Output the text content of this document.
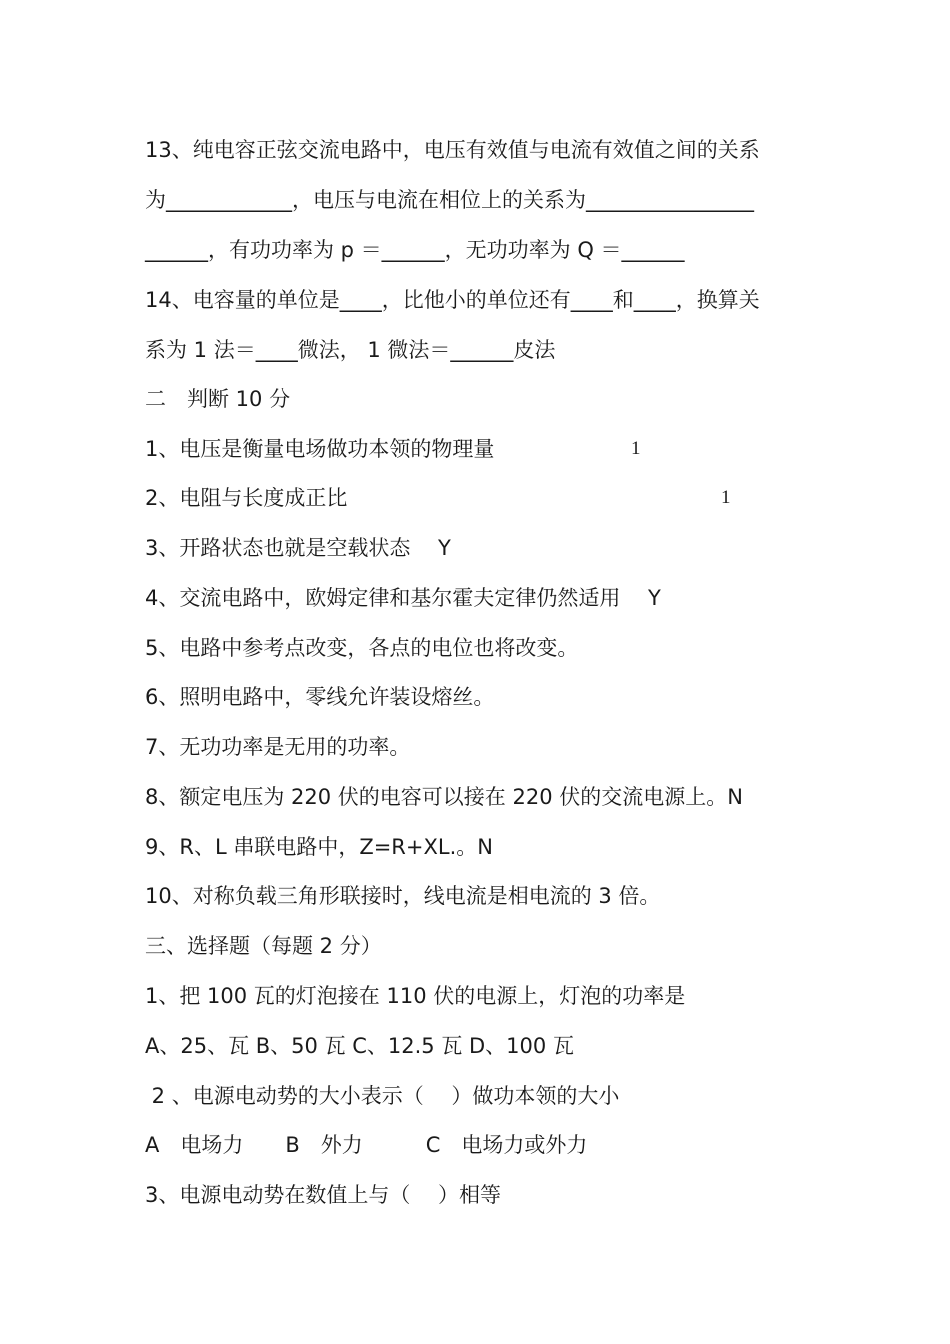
13、纯电容正弦交流电路中，电压有效值与电流有效值之间的关系
为____________，电压与电流在相位上的关系为________________
______，有功功率为 p ＝______，无功功率为 Q ＝______
14、电容量的单位是____，比他小的单位还有____和____，换算关
系为 1 法＝____微法， 1 微法＝______皮法
二　判断 10 分
1、电压是衡量电场做功本领的物理量	1
2、电阻与长度成正比	1
3、开路状态也就是空载状态　 Y
4、交流电路中，欧姆定律和基尔霍夫定律仍然适用　 Y
5、电路中参考点改变，各点的电位也将改变。
6、照明电路中，零线允许装设熔丝。
7、无功功率是无用的功率。
8、额定电压为 220 伏的电容可以接在 220 伏的交流电源上。N
9、R、L 串联电路中，Z=R+XL.。N
10、对称负载三角形联接时，线电流是相电流的 3 倍。
三、选择题（每题 2 分）
1、把 100 瓦的灯泡接在 110 伏的电源上，灯泡的功率是
A、25、瓦 B、50 瓦 C、12.5 瓦 D、100 瓦
2 、电源电动势的大小表示（　 ）做功本领的大小
A　电场力　　B　外力　　　C　电场力或外力
3、电源电动势在数值上与（　 ）相等
